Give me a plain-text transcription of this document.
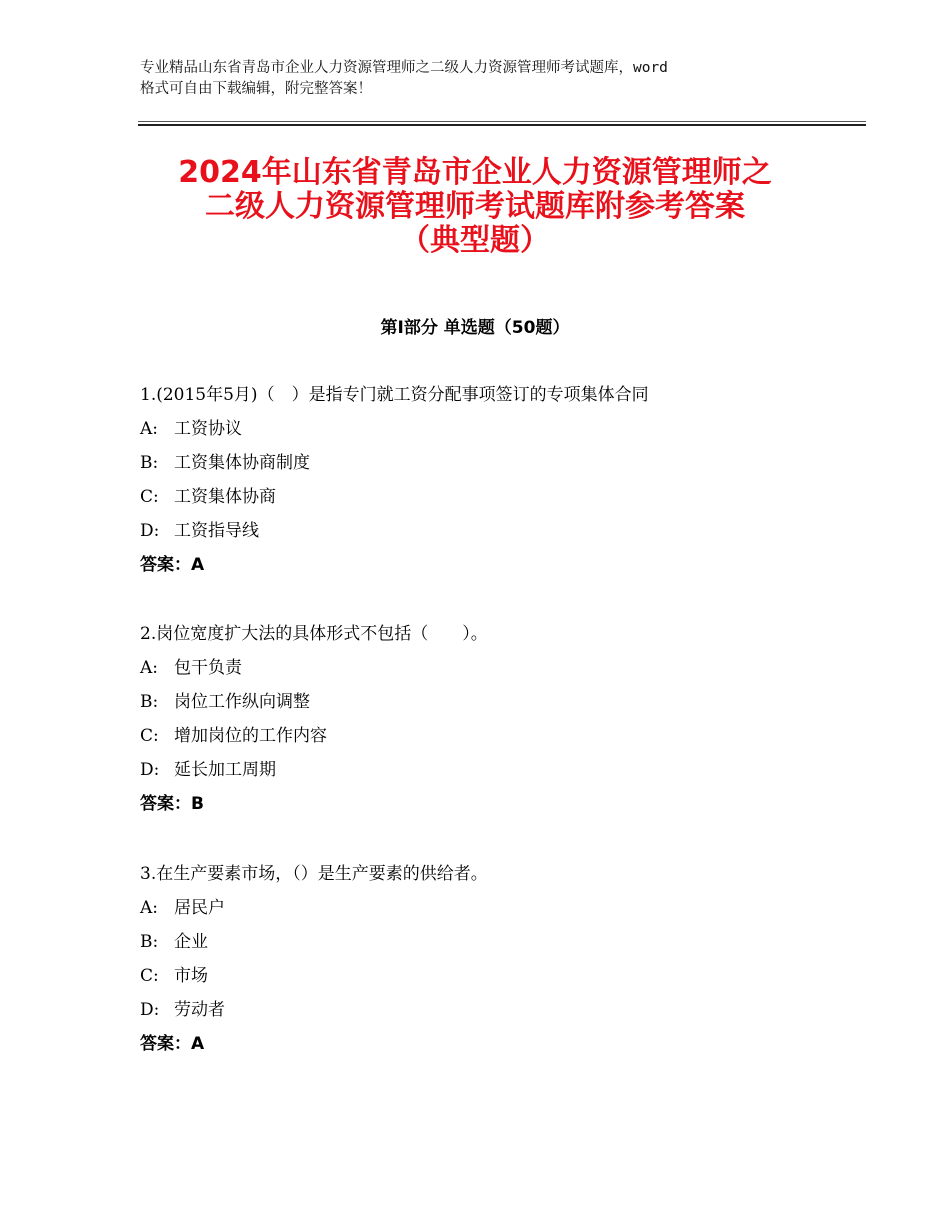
专业精品山东省青岛市企业人力资源管理师之二级人力资源管理师考试题库，word
格式可自由下载编辑，附完整答案！
2024年山东省青岛市企业人力资源管理师之
二级人力资源管理师考试题库附参考答案
（典型题）
第Ⅰ部分 单选题（50题）
1.(2015年5月)（　）是指专门就工资分配事项签订的专项集体合同
A: 工资协议
B: 工资集体协商制度
C: 工资集体协商
D: 工资指导线
答案：A
2.岗位宽度扩大法的具体形式不包括（　　）。
A: 包干负责
B: 岗位工作纵向调整
C: 增加岗位的工作内容
D: 延长加工周期
答案：B
3.在生产要素市场，（）是生产要素的供给者。
A: 居民户
B: 企业
C: 市场
D: 劳动者
答案：A
